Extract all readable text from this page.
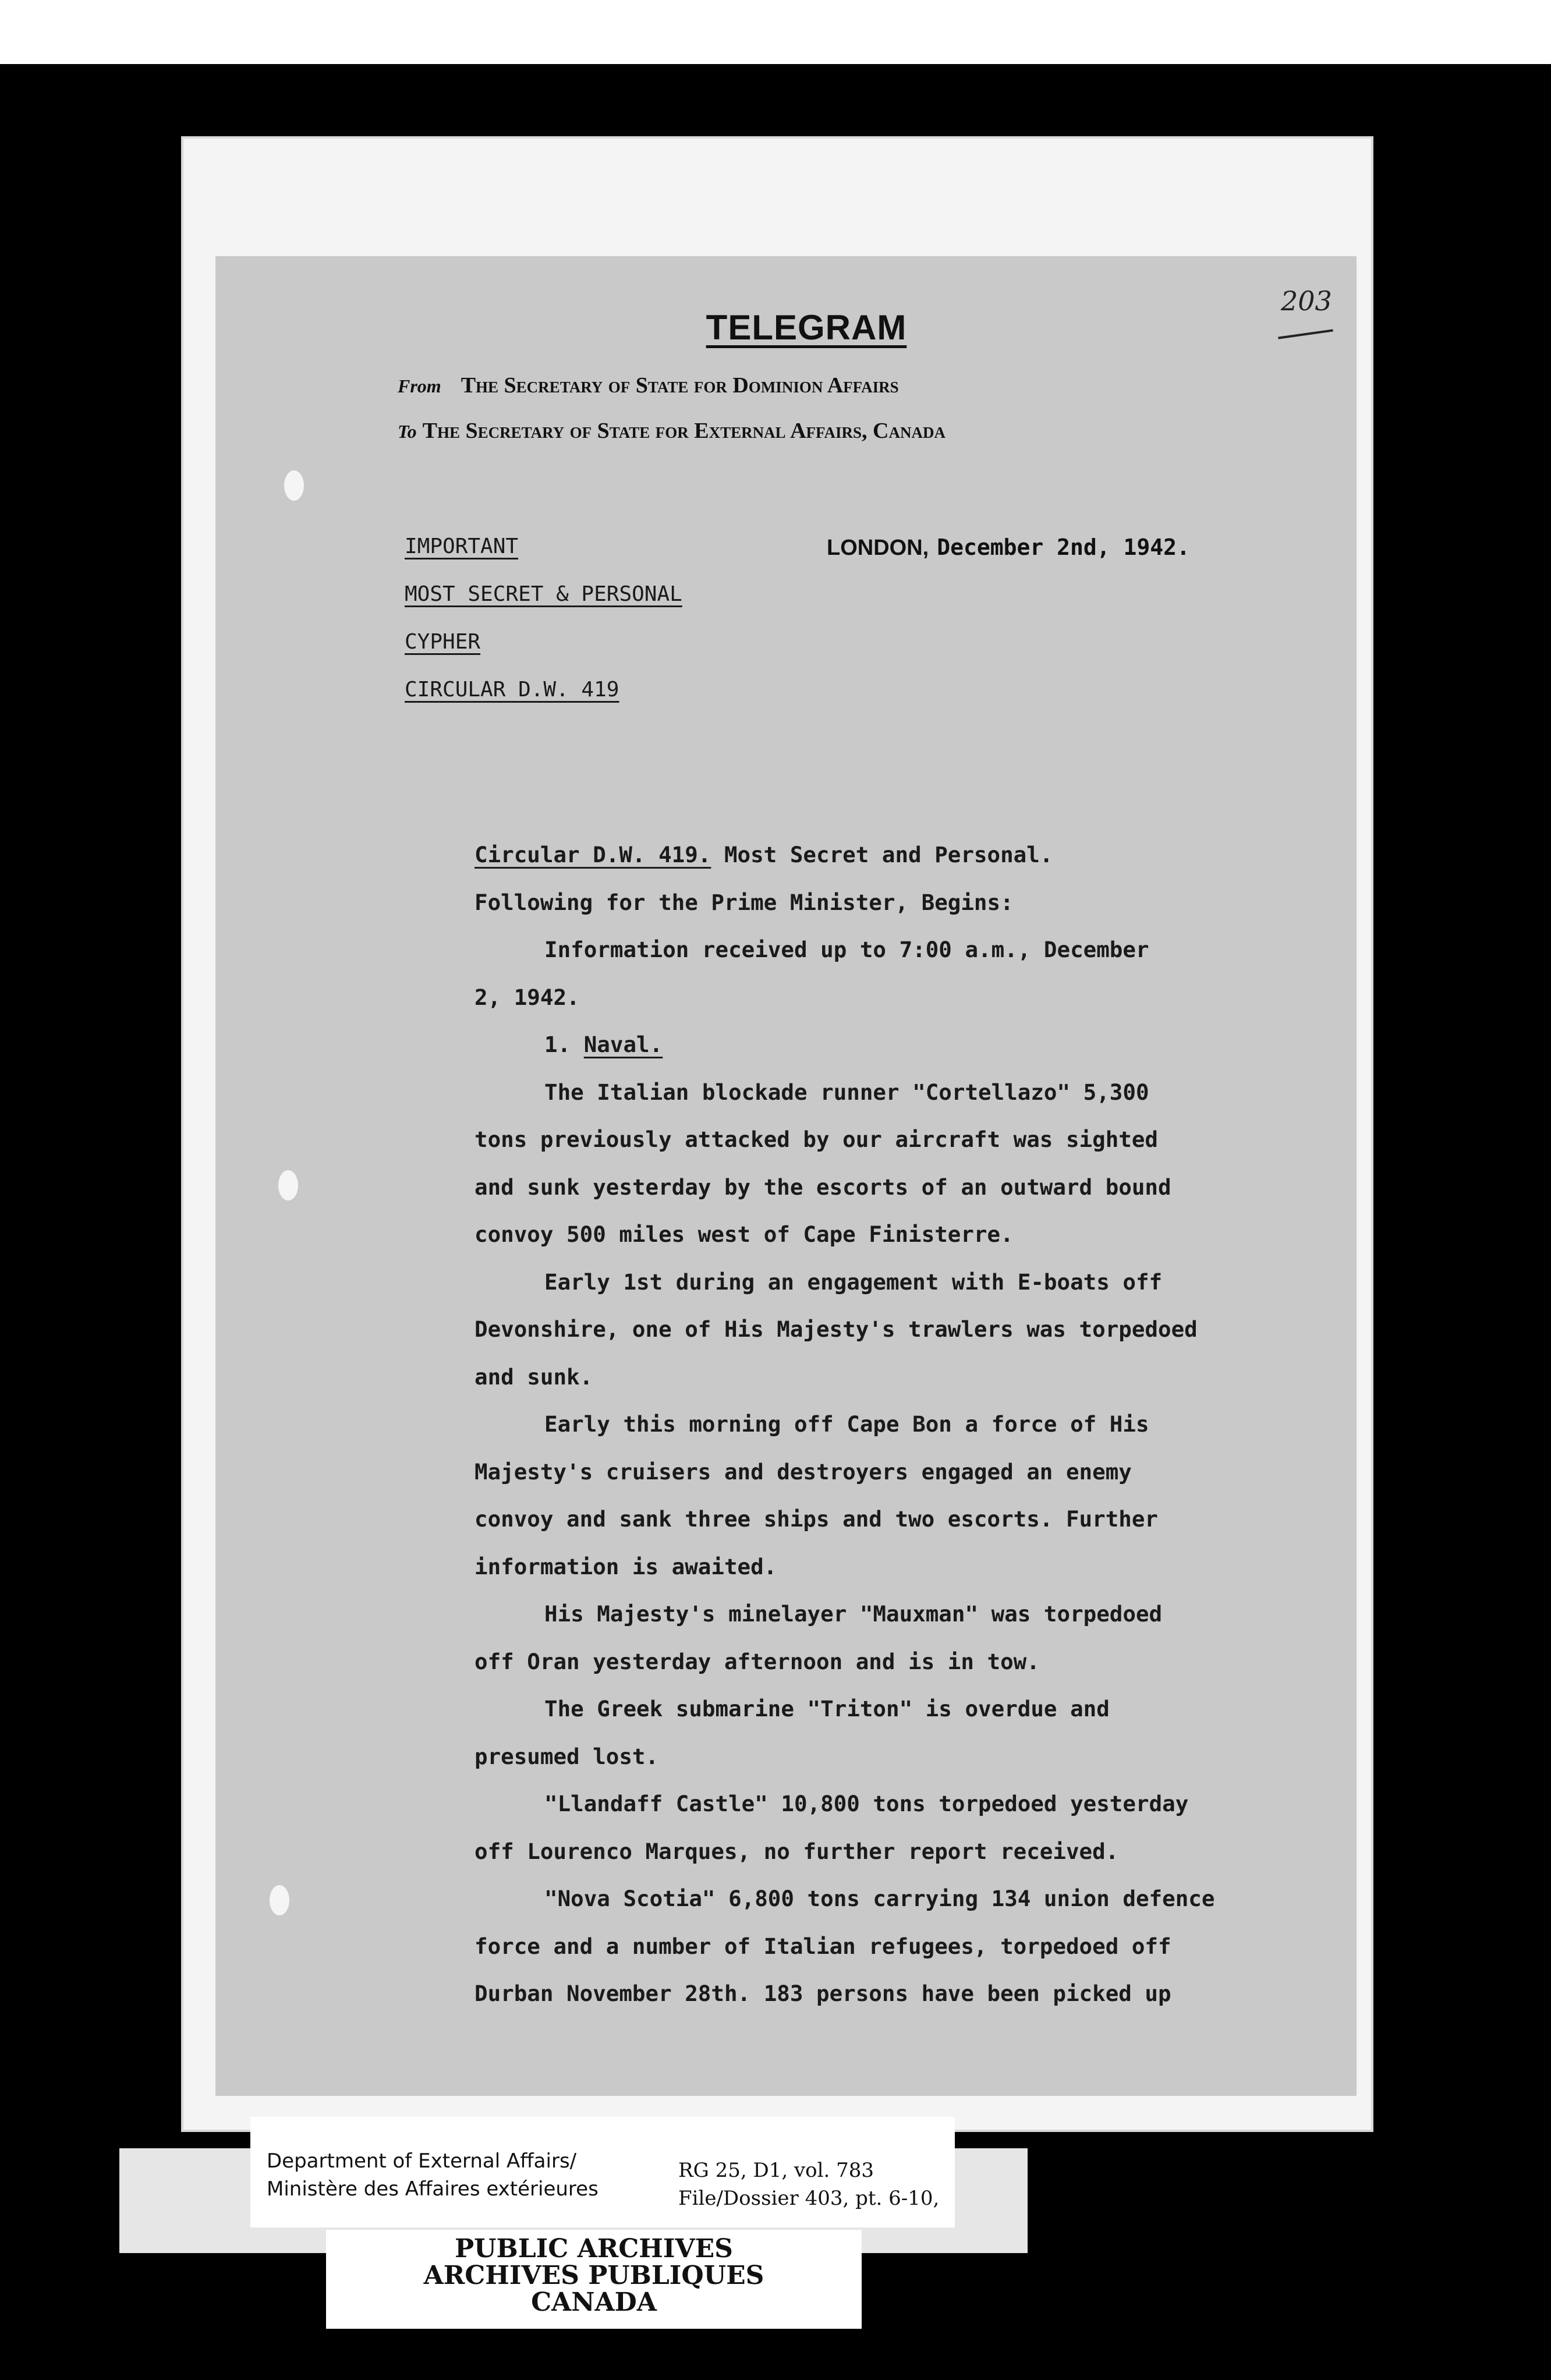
203
TELEGRAM
From The Secretary of State for Dominion Affairs
To The Secretary of State for External Affairs, Canada
IMPORTANT
MOST SECRET & PERSONAL
CYPHER
CIRCULAR D.W. 419
LONDON, December 2nd, 1942.
Circular D.W. 419. Most Secret and Personal.
Following for the Prime Minister, Begins:
Information received up to 7:00 a.m., December
2, 1942.
1. Naval.
The Italian blockade runner "Cortellazo" 5,300
tons previously attacked by our aircraft was sighted
and sunk yesterday by the escorts of an outward bound
convoy 500 miles west of Cape Finisterre.
Early 1st during an engagement with E-boats off
Devonshire, one of His Majesty's trawlers was torpedoed
and sunk.
Early this morning off Cape Bon a force of His
Majesty's cruisers and destroyers engaged an enemy
convoy and sank three ships and two escorts. Further
information is awaited.
His Majesty's minelayer "Mauxman" was torpedoed
off Oran yesterday afternoon and is in tow.
The Greek submarine "Triton" is overdue and
presumed lost.
"Llandaff Castle" 10,800 tons torpedoed yesterday
off Lourenco Marques, no further report received.
"Nova Scotia" 6,800 tons carrying 134 union defence
force and a number of Italian refugees, torpedoed off
Durban November 28th. 183 persons have been picked up
Department of External Affairs/
Ministère des Affaires extérieures
RG 25, D1, vol. 783
File/Dossier 403, pt. 6-10,
PUBLIC ARCHIVES
ARCHIVES PUBLIQUES
CANADA
